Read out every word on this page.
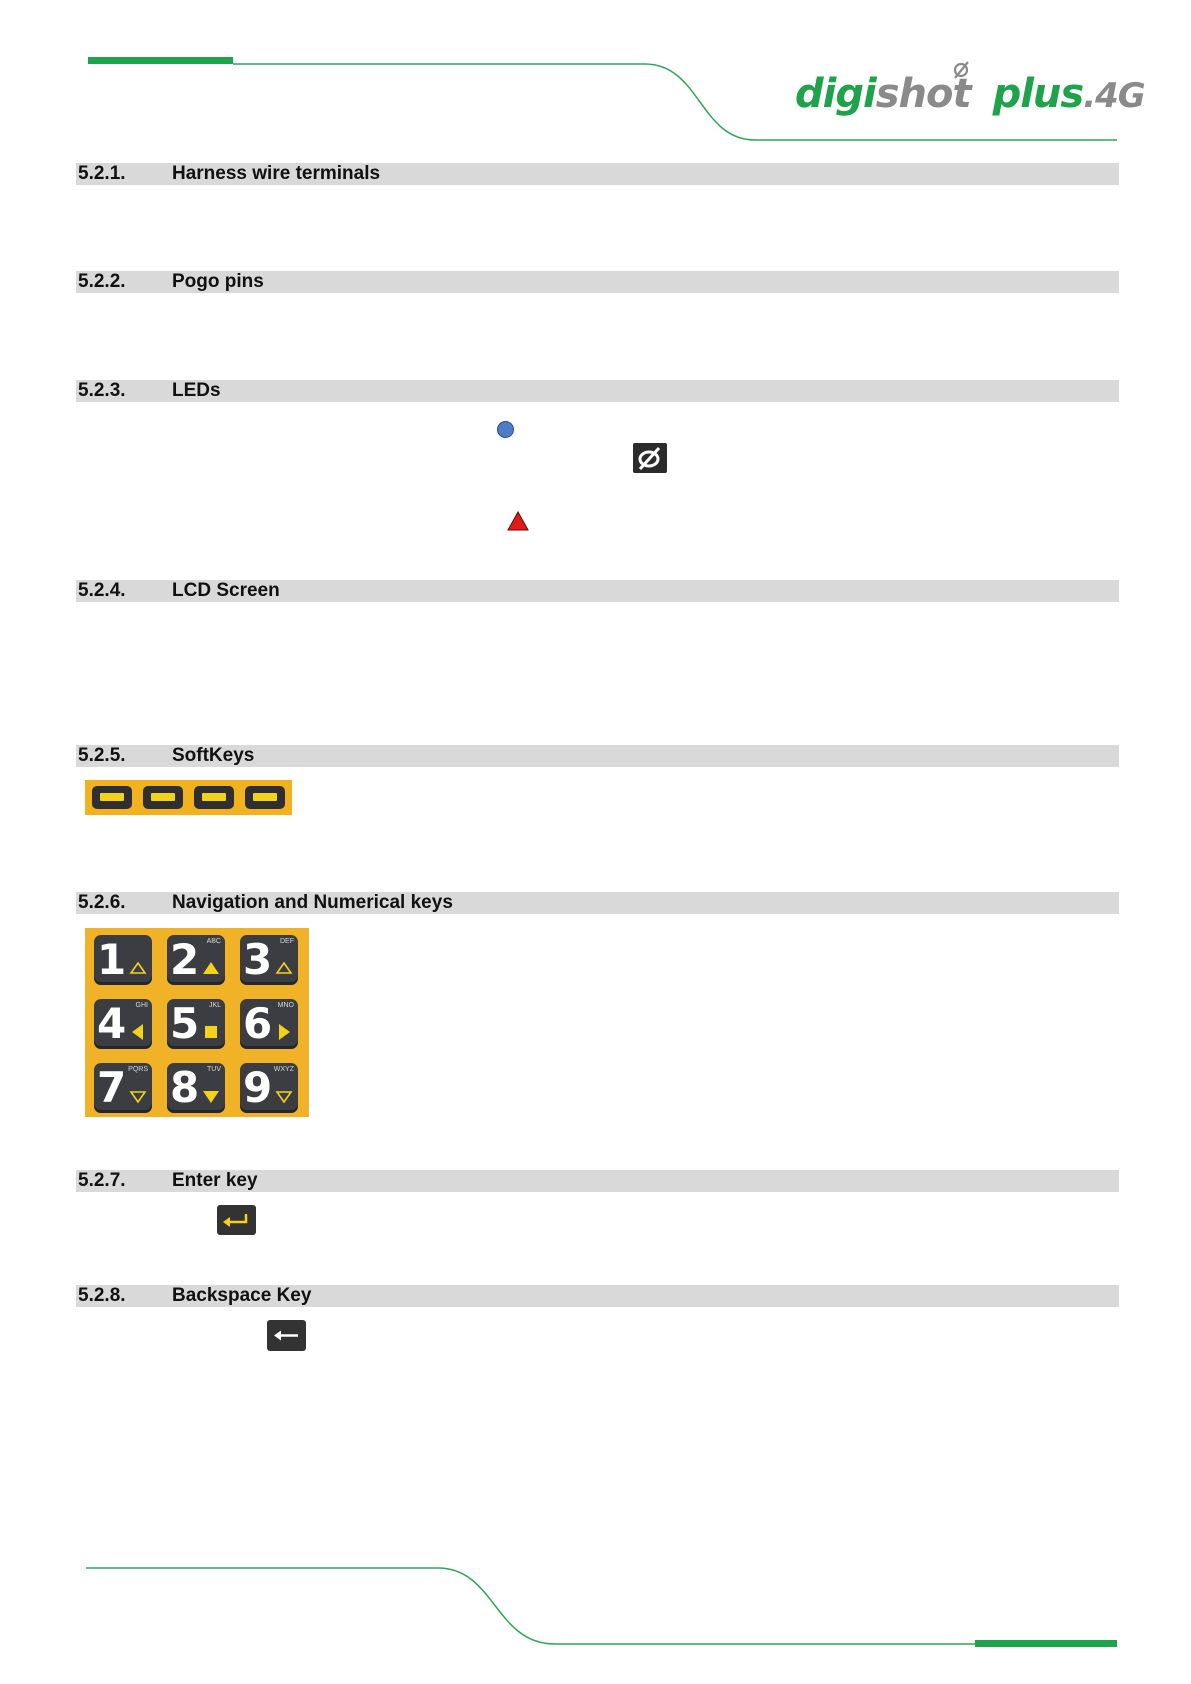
digishot plus.4G
5.2.1. Harness wire terminals
5.2.2. Pogo pins
5.2.3. LEDs
5.2.4. LCD Screen
5.2.5. SoftKeys
5.2.6. Navigation and Numerical keys
1 2 ABC 3 DEF
4 GHI 5 JKL 6 MNO
7 PQRS 8 TUV 9 WXYZ
5.2.7. Enter key
5.2.8. Backspace Key
